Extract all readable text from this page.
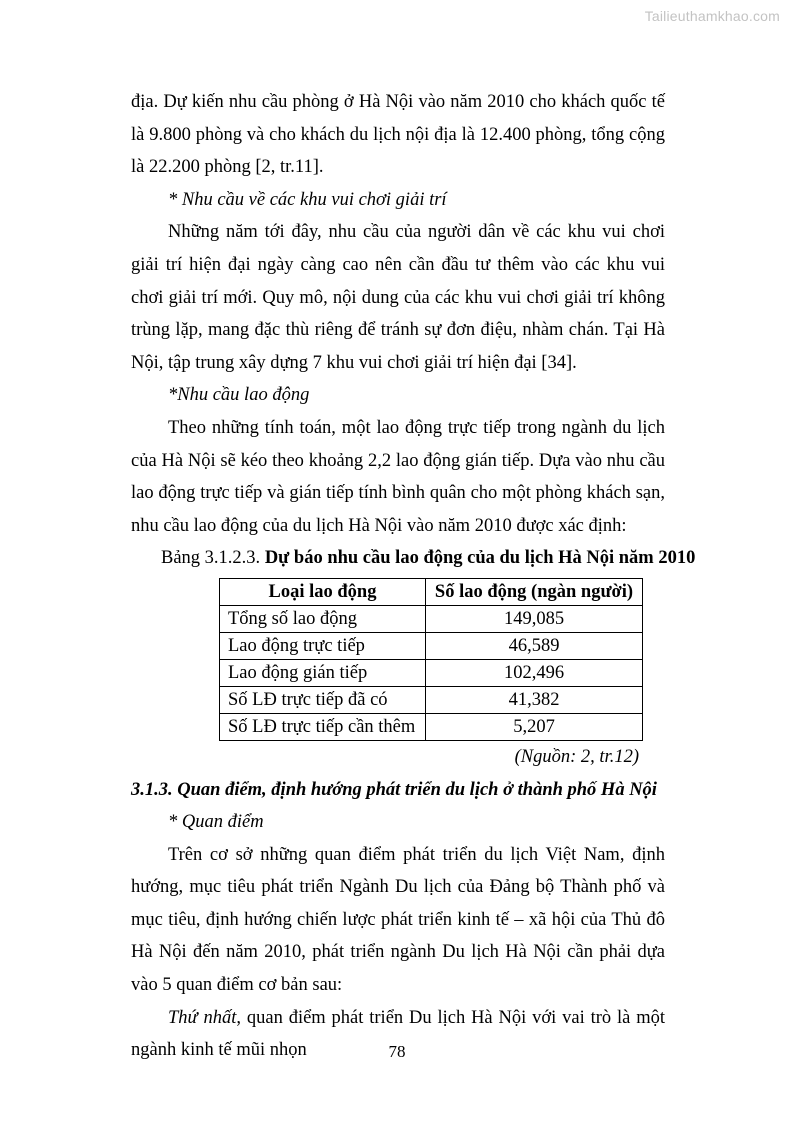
Tailieuthamkhao.com

địa. Dự kiến nhu cầu phòng ở Hà Nội vào năm 2010 cho khách quốc tế là 9.800 phòng và cho khách du lịch nội địa là 12.400 phòng, tổng cộng là 22.200 phòng [2, tr.11].

* Nhu cầu về các khu vui chơi giải trí

Những năm tới đây, nhu cầu của người dân về các khu vui chơi giải trí hiện đại ngày càng cao nên cần đầu tư thêm vào các khu vui chơi giải trí mới. Quy mô, nội dung của các khu vui chơi giải trí không trùng lặp, mang đặc thù riêng để tránh sự đơn điệu, nhàm chán. Tại Hà Nội, tập trung xây dựng 7 khu vui chơi giải trí hiện đại [34].

*Nhu cầu lao động

Theo những tính toán, một lao động trực tiếp trong ngành du lịch của Hà Nội sẽ kéo theo khoảng 2,2 lao động gián tiếp. Dựa vào nhu cầu lao động trực tiếp và gián tiếp tính bình quân cho một phòng khách sạn, nhu cầu lao động của du lịch Hà Nội vào năm 2010 được xác định:

Bảng 3.1.2.3. Dự báo nhu cầu lao động của du lịch Hà Nội năm 2010

Loại lao động	Số lao động (ngàn người)
Tổng số lao động	149,085
Lao động trực tiếp	46,589
Lao động gián tiếp	102,496
Số LĐ trực tiếp đã có	41,382
Số LĐ trực tiếp cần thêm	5,207

(Nguồn: 2, tr.12)

3.1.3. Quan điểm, định hướng phát triển du lịch ở thành phố Hà Nội

* Quan điểm

Trên cơ sở những quan điểm phát triển du lịch Việt Nam, định hướng, mục tiêu phát triển Ngành Du lịch của Đảng bộ Thành phố và mục tiêu, định hướng chiến lược phát triển kinh tế – xã hội của Thủ đô Hà Nội đến năm 2010, phát triển ngành Du lịch Hà Nội cần phải dựa vào 5 quan điểm cơ bản sau:

Thứ nhất, quan điểm phát triển Du lịch Hà Nội với vai trò là một ngành kinh tế mũi nhọn	78
